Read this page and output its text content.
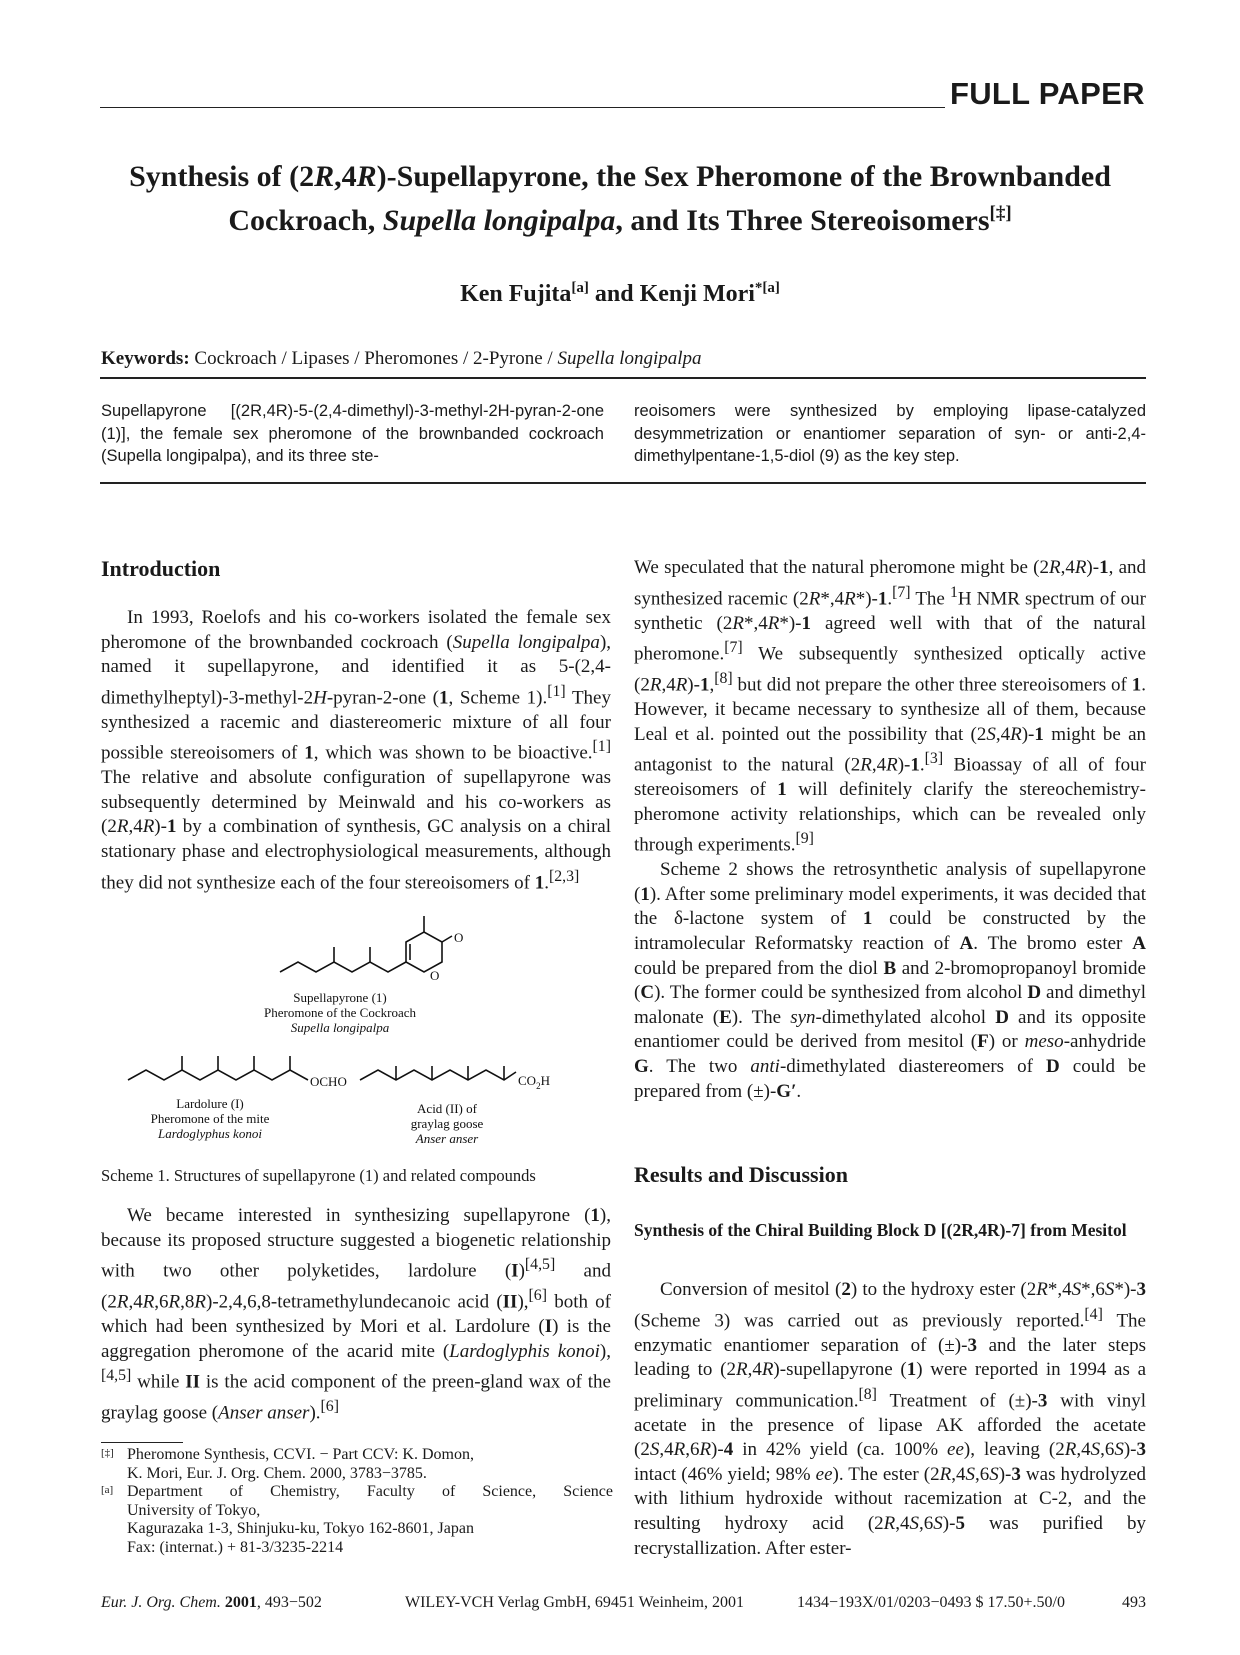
FULL PAPER
Synthesis of (2R,4R)-Supellapyrone, the Sex Pheromone of the Brownbanded
Cockroach, Supella longipalpa, and Its Three Stereoisomers[‡]
Ken Fujita[a] and Kenji Mori$^{*[a]}$
Keywords: Cockroach / Lipases / Pheromones / 2-Pyrone / Supella longipalpa
Supellapyrone [(2R,4R)-5-(2,4-dimethyl)-3-methyl-2H-pyran-2-one (1)], the female sex pheromone of the brownbanded cockroach (Supella longipalpa), and its three ste-
reoisomers were synthesized by employing lipase-catalyzed desymmetrization or enantiomer separation of syn- or anti-2,4-dimethylpentane-1,5-diol (9) as the key step.
Introduction

In 1993, Roelofs and his co-workers isolated the female sex pheromone of the brownbanded cockroach (Supella longipalpa), named it supellapyrone, and identified it as 5-(2,4-dimethylheptyl)-3-methyl-2H-pyran-2-one (1, Scheme 1).[1] They synthesized a racemic and diastereomeric mixture of all four possible stereoisomers of 1, which was shown to be bioactive.[1] The relative and absolute configuration of supellapyrone was subsequently determined by Meinwald and his co-workers as (2R,4R)-1 by a combination of synthesis, GC analysis on a chiral stationary phase and electrophysiological measurements, although they did not synthesize each of the four stereoisomers of 1.[2,3]

O
O
OCHO	$CO_2H$
Supellapyrone (1)
Pheromone of the Cockroach
Supella longipalpa
Lardolure (I)
Pheromone of the mite
Lardoglyphus konoi
Acid (II) of
graylag goose
Anser anser
Scheme 1. Structures of supellapyrone (1) and related compounds

We became interested in synthesizing supellapyrone (1), because its proposed structure suggested a biogenetic relationship with two other polyketides, lardolure (I)[4,5] and (2R,4R,6R,8R)-2,4,6,8-tetramethylundecanoic acid (II),[6] both of which had been synthesized by Mori et al. Lardolure (I) is the aggregation pheromone of the acarid mite (Lardoglyphis konoi),[4,5] while II is the acid component of the preen-gland wax of the graylag goose (Anser anser).[6]

[‡] Pheromone Synthesis, CCVI. − Part CCV: K. Domon,
K. Mori, Eur. J. Org. Chem. 2000, 3783−3785.
[a] Department of Chemistry, Faculty of Science, Science
University of Tokyo,
Kagurazaka 1-3, Shinjuku-ku, Tokyo 162-8601, Japan
Fax: (internat.) + 81-3/3235-2214

We speculated that the natural pheromone might be (2R,4R)-1, and synthesized racemic (2R*,4R*)-1.[7] The $^1$H NMR spectrum of our synthetic (2R*,4R*)-1 agreed well with that of the natural pheromone.[7] We subsequently synthesized optically active (2R,4R)-1,[8] but did not prepare the other three stereoisomers of 1. However, it became necessary to synthesize all of them, because Leal et al. pointed out the possibility that (2S,4R)-1 might be an antagonist to the natural (2R,4R)-1.[3] Bioassay of all of four stereoisomers of 1 will definitely clarify the stereochemistry-pheromone activity relationships, which can be revealed only through experiments.[9]

Scheme 2 shows the retrosynthetic analysis of supellapyrone (1). After some preliminary model experiments, it was decided that the δ-lactone system of 1 could be constructed by the intramolecular Reformatsky reaction of A. The bromo ester A could be prepared from the diol B and 2-bromopropanoyl bromide (C). The former could be synthesized from alcohol D and dimethyl malonate (E). The syn-dimethylated alcohol D and its opposite enantiomer could be derived from mesitol (F) or meso-anhydride G. The two anti-dimethylated diastereomers of D could be prepared from (±)-G′.

Results and Discussion
Synthesis of the Chiral Building Block D [(2R,4R)-7] from Mesitol

Conversion of mesitol (2) to the hydroxy ester (2R*,4S*,6S*)-3 (Scheme 3) was carried out as previously reported.[4] The enzymatic enantiomer separation of (±)-3 and the later steps leading to (2R,4R)-supellapyrone (1) were reported in 1994 as a preliminary communication.[8] Treatment of (±)-3 with vinyl acetate in the presence of lipase AK afforded the acetate (2S,4R,6R)-4 in 42% yield (ca. 100% ee), leaving (2R,4S,6S)-3 intact (46% yield; 98% ee). The ester (2R,4S,6S)-3 was hydrolyzed with lithium hydroxide without racemization at C-2, and the resulting hydroxy acid (2R,4S,6S)-5 was purified by recrystallization. After ester-

Eur. J. Org. Chem. 2001, 493−502	WILEY-VCH Verlag GmbH, 69451 Weinheim, 2001	1434−193X/01/0203−0493 $ 17.50+.50/0	493
